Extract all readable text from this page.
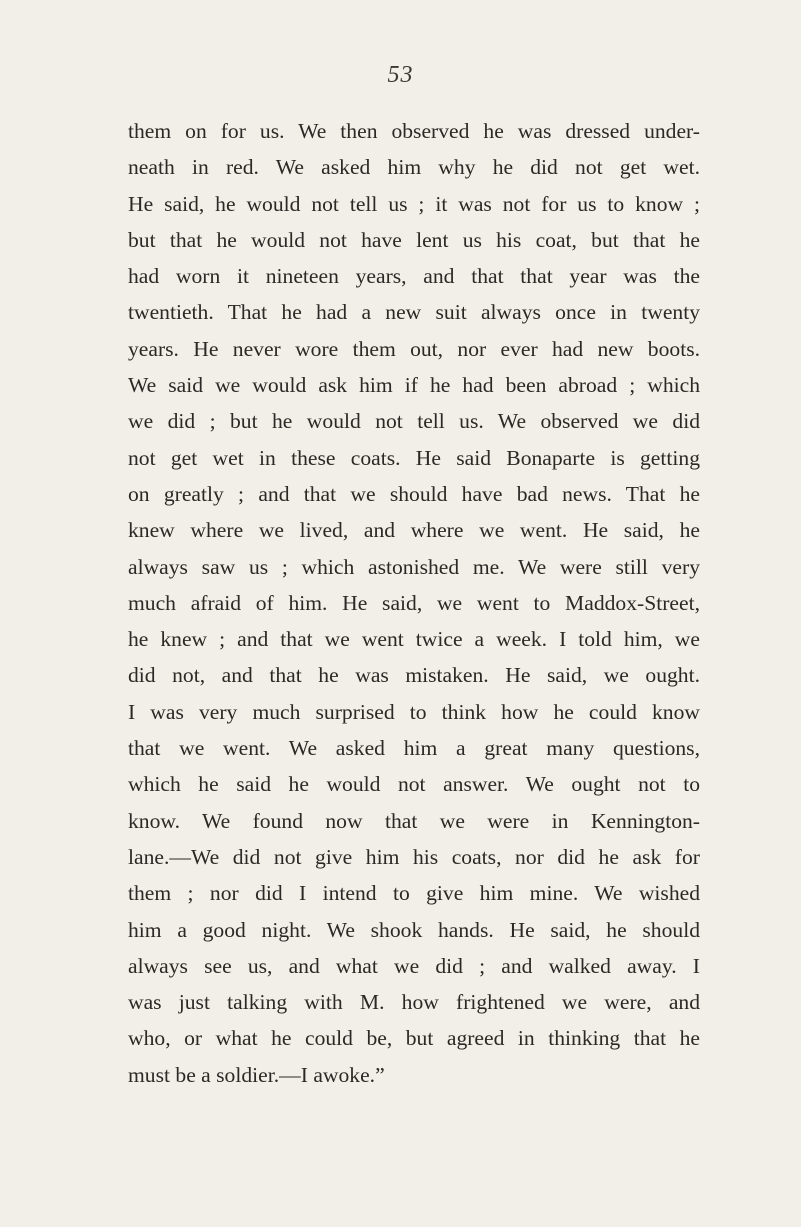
53
them on for us. We then observed he was dressed under-
neath in red. We asked him why he did not get wet.
He said, he would not tell us ; it was not for us to know ;
but that he would not have lent us his coat, but that he
had worn it nineteen years, and that that year was the
twentieth. That he had a new suit always once in twenty
years. He never wore them out, nor ever had new boots.
We said we would ask him if he had been abroad ; which
we did ; but he would not tell us. We observed we did
not get wet in these coats. He said Bonaparte is getting
on greatly ; and that we should have bad news. That he
knew where we lived, and where we went. He said, he
always saw us ; which astonished me. We were still very
much afraid of him. He said, we went to Maddox-Street,
he knew ; and that we went twice a week. I told him, we
did not, and that he was mistaken. He said, we ought.
I was very much surprised to think how he could know
that we went. We asked him a great many questions,
which he said he would not answer. We ought not to
know. We found now that we were in Kennington-
lane.—We did not give him his coats, nor did he ask for
them ; nor did I intend to give him mine. We wished
him a good night. We shook hands. He said, he should
always see us, and what we did ; and walked away. I
was just talking with M. how frightened we were, and
who, or what he could be, but agreed in thinking that he
must be a soldier.—I awoke.”
